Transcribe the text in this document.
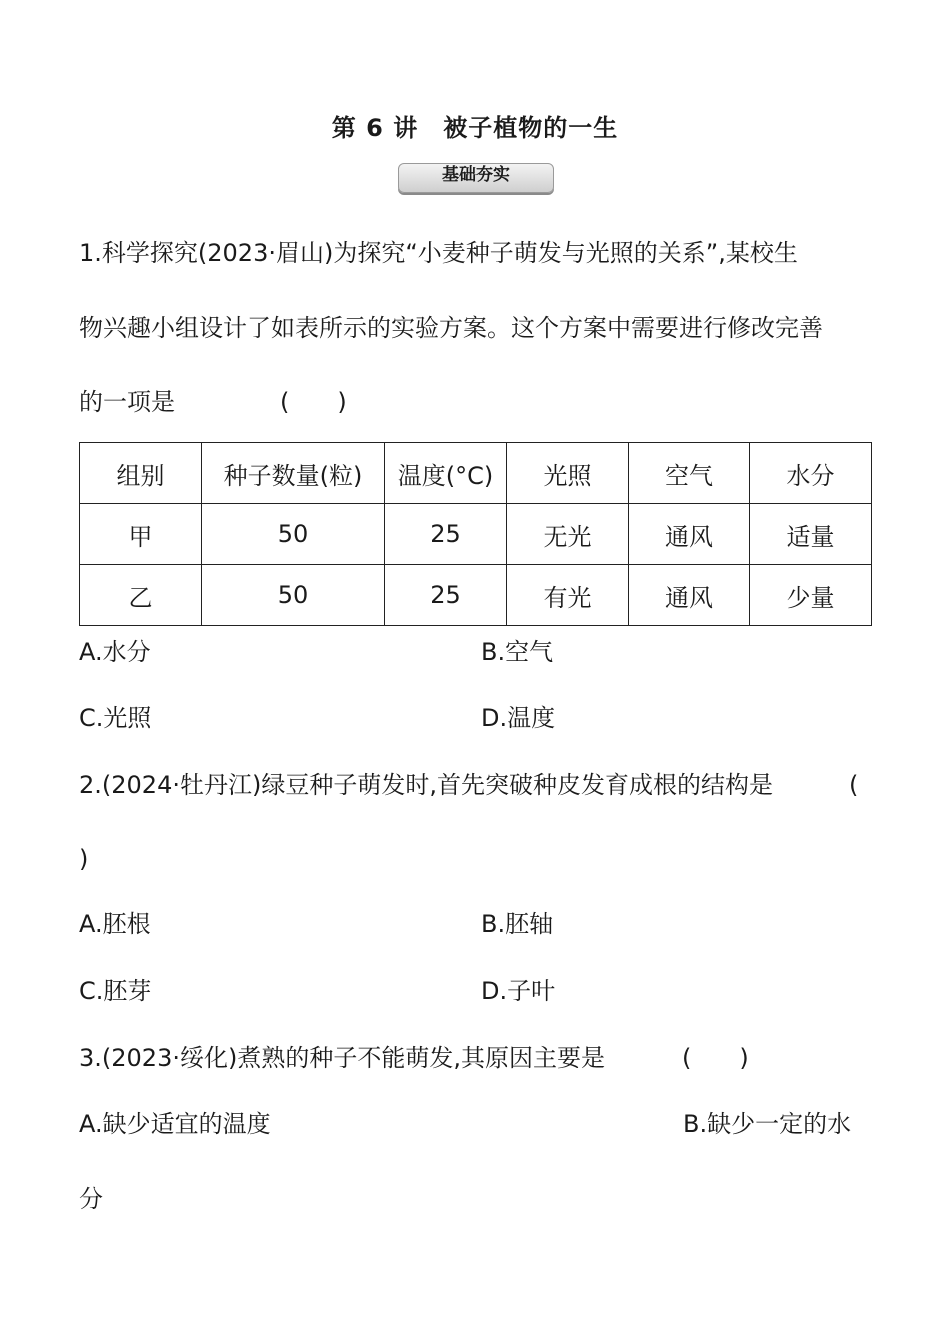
第 6 讲　被子植物的一生
基础夯实
1.科学探究(2023·眉山)为探究“小麦种子萌发与光照的关系”,某校生
物兴趣小组设计了如表所示的实验方案。这个方案中需要进行修改完善
的一项是	(　　)
组别	种子数量(粒)	温度(°C)	光照	空气	水分
甲	50	25	无光	通风	适量
乙	50	25	有光	通风	少量
A.水分	B.空气
C.光照	D.温度
2.(2024·牡丹江)绿豆种子萌发时,首先突破种皮发育成根的结构是	(
)
A.胚根	B.胚轴
C.胚芽	D.子叶
3.(2023·绥化)煮熟的种子不能萌发,其原因主要是	(　　)
A.缺少适宜的温度	B.缺少一定的水
分
